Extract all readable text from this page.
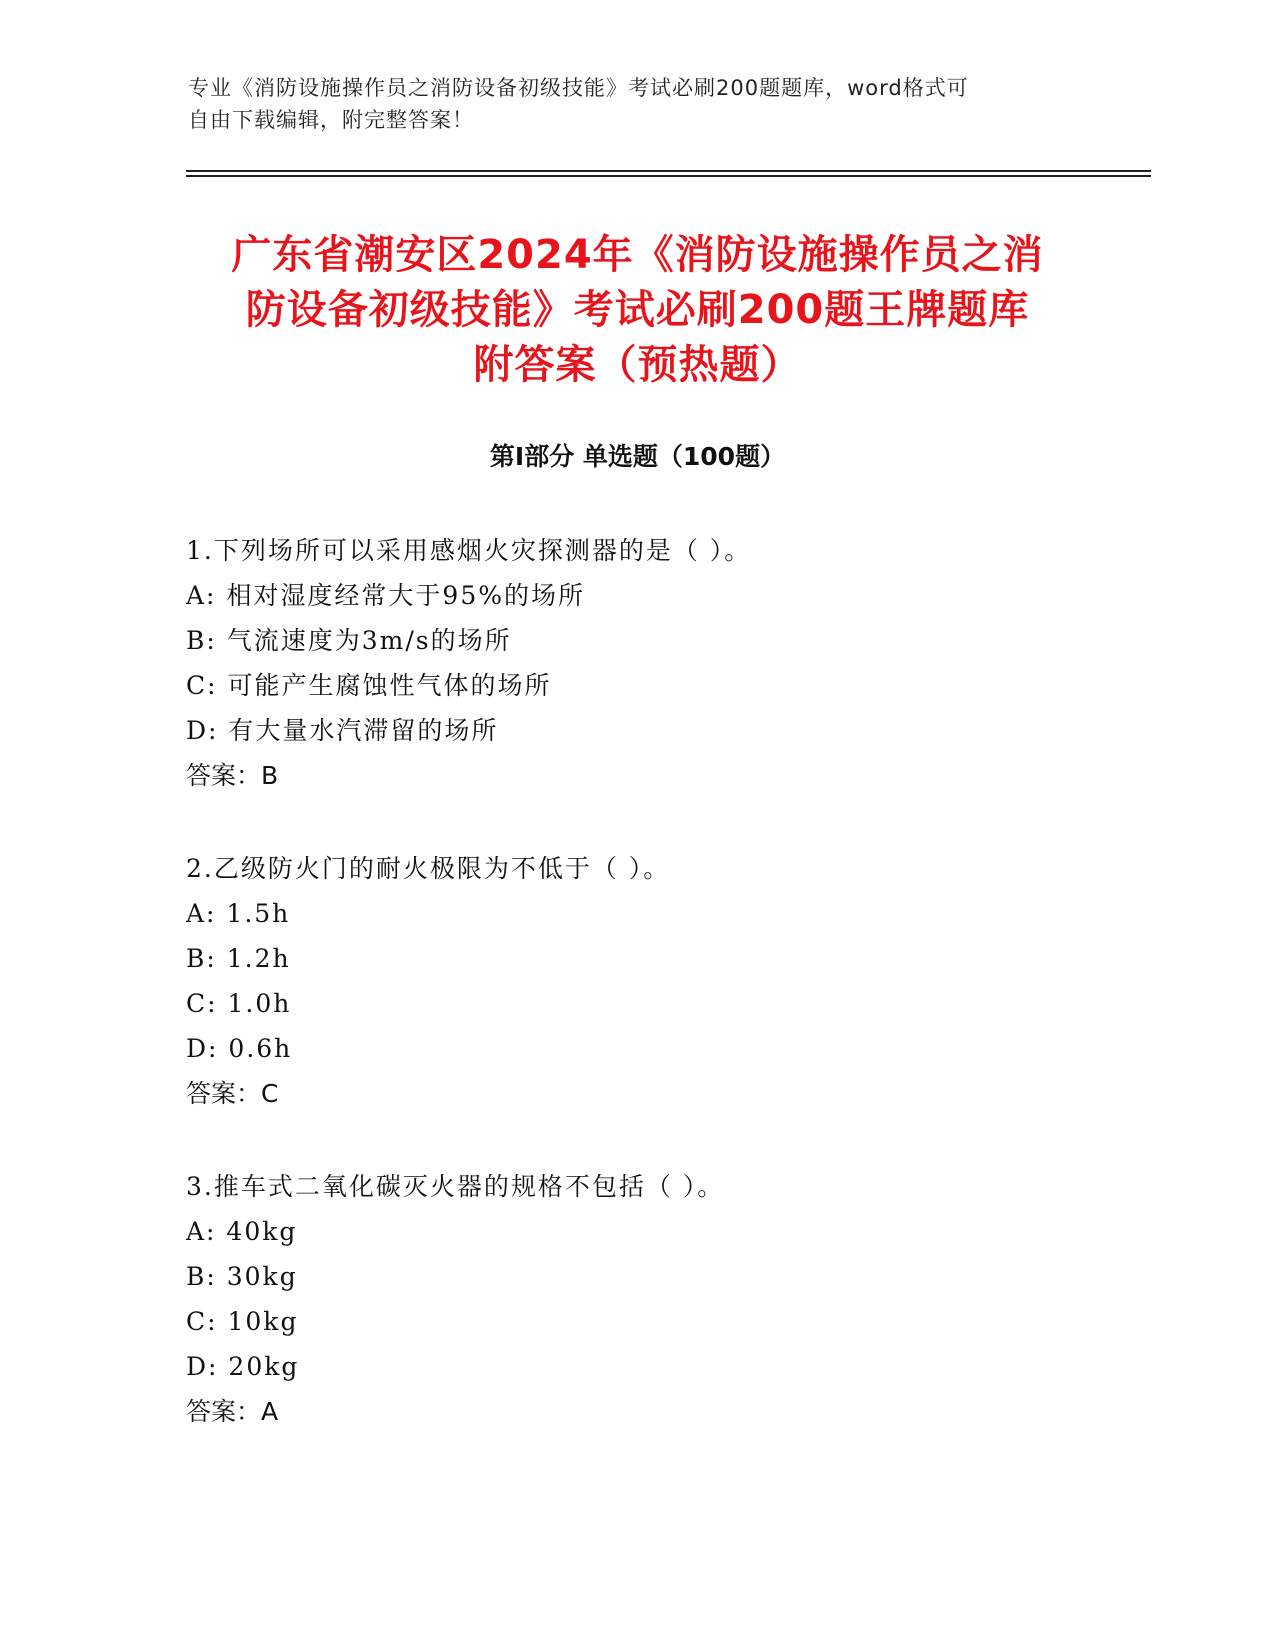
专业《消防设施操作员之消防设备初级技能》考试必刷200题题库，word格式可
自由下载编辑，附完整答案！
广东省潮安区2024年《消防设施操作员之消
防设备初级技能》考试必刷200题王牌题库
附答案（预热题）
第Ⅰ部分 单选题（100题）
1.下列场所可以采用感烟火灾探测器的是（ ）。
A: 相对湿度经常大于95%的场所
B: 气流速度为3m/s的场所
C: 可能产生腐蚀性气体的场所
D: 有大量水汽滞留的场所
答案：B
2.乙级防火门的耐火极限为不低于（ ）。
A: 1.5h
B: 1.2h
C: 1.0h
D: 0.6h
答案：C
3.推车式二氧化碳灭火器的规格不包括（ ）。
A: 40kg
B: 30kg
C: 10kg
D: 20kg
答案：A
